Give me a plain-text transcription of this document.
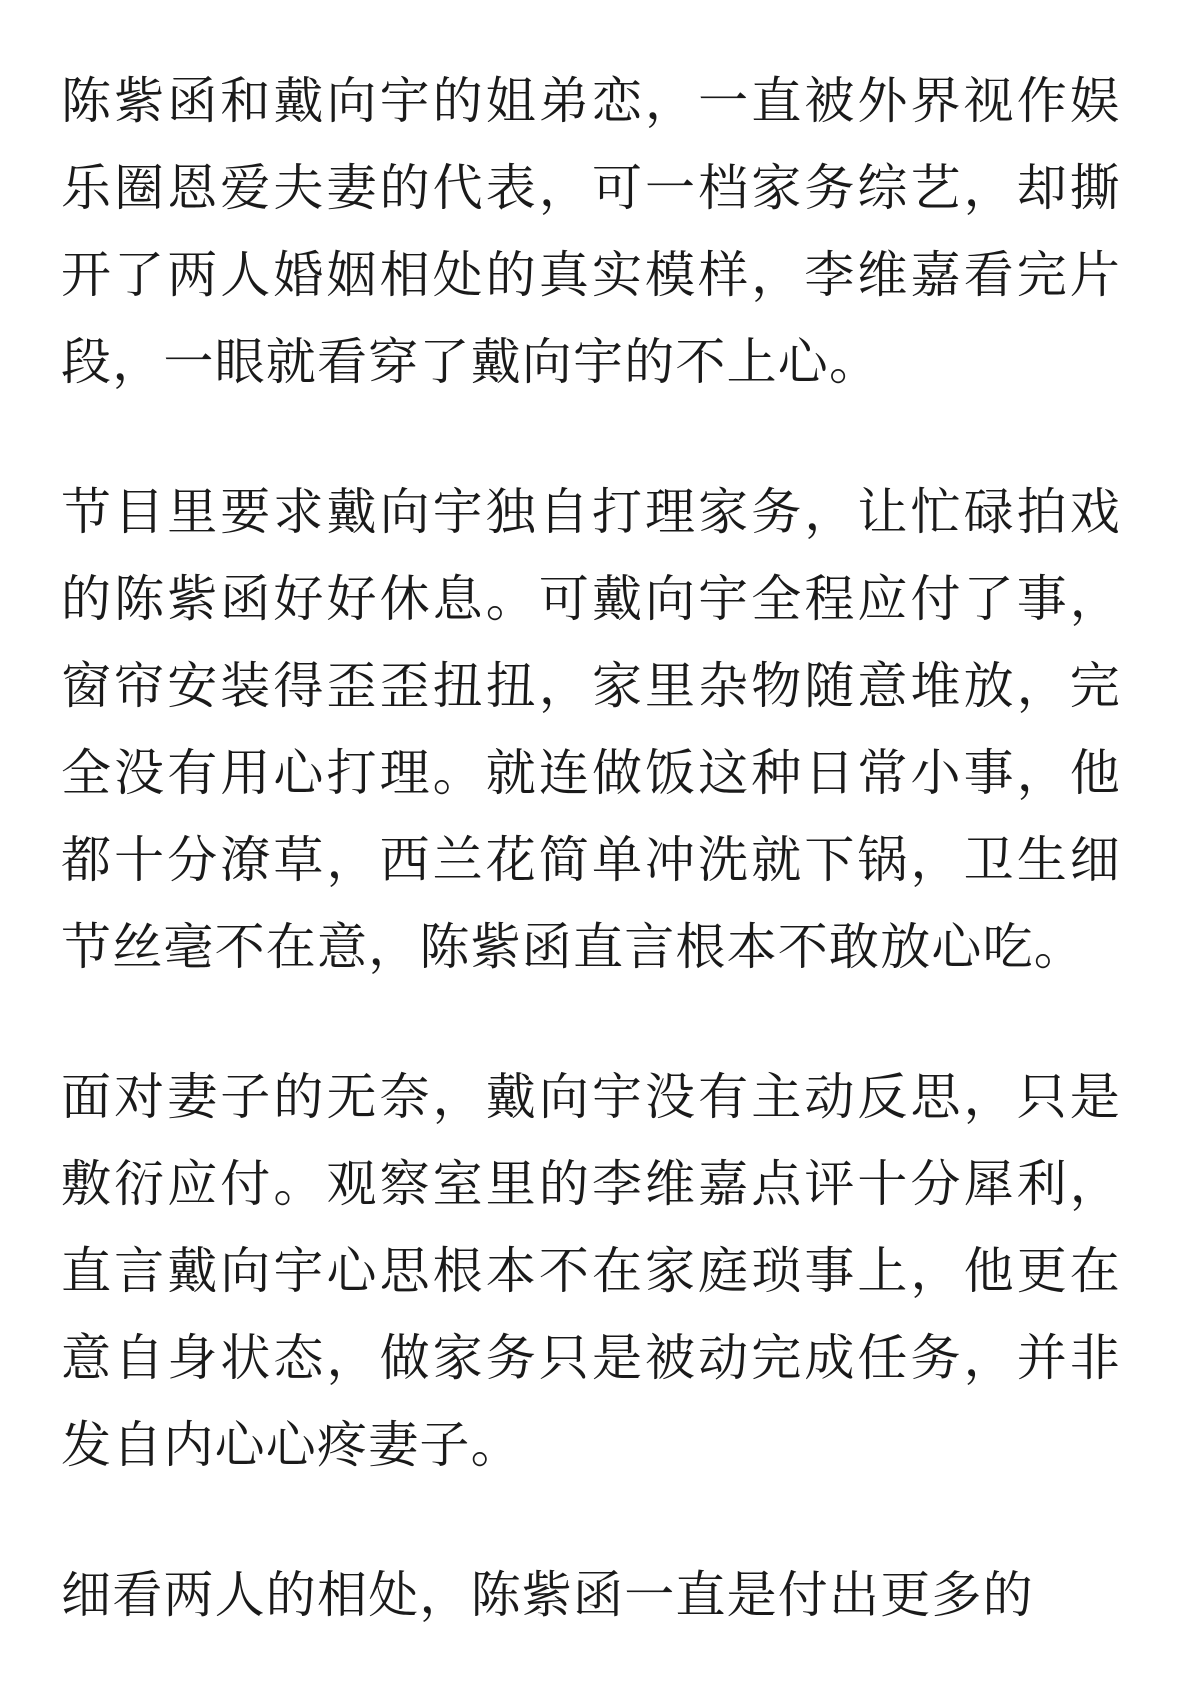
陈紫函和戴向宇的姐弟恋，一直被外界视作娱乐圈恩爱夫妻的代表，可一档家务综艺，却撕开了两人婚姻相处的真实模样，李维嘉看完片段，一眼就看穿了戴向宇的不上心。

节目里要求戴向宇独自打理家务，让忙碌拍戏的陈紫函好好休息。可戴向宇全程应付了事，窗帘安装得歪歪扭扭，家里杂物随意堆放，完全没有用心打理。就连做饭这种日常小事，他都十分潦草，西兰花简单冲洗就下锅，卫生细节丝毫不在意，陈紫函直言根本不敢放心吃。

面对妻子的无奈，戴向宇没有主动反思，只是敷衍应付。观察室里的李维嘉点评十分犀利，直言戴向宇心思根本不在家庭琐事上，他更在意自身状态，做家务只是被动完成任务，并非发自内心心疼妻子。

细看两人的相处，陈紫函一直是付出更多的
